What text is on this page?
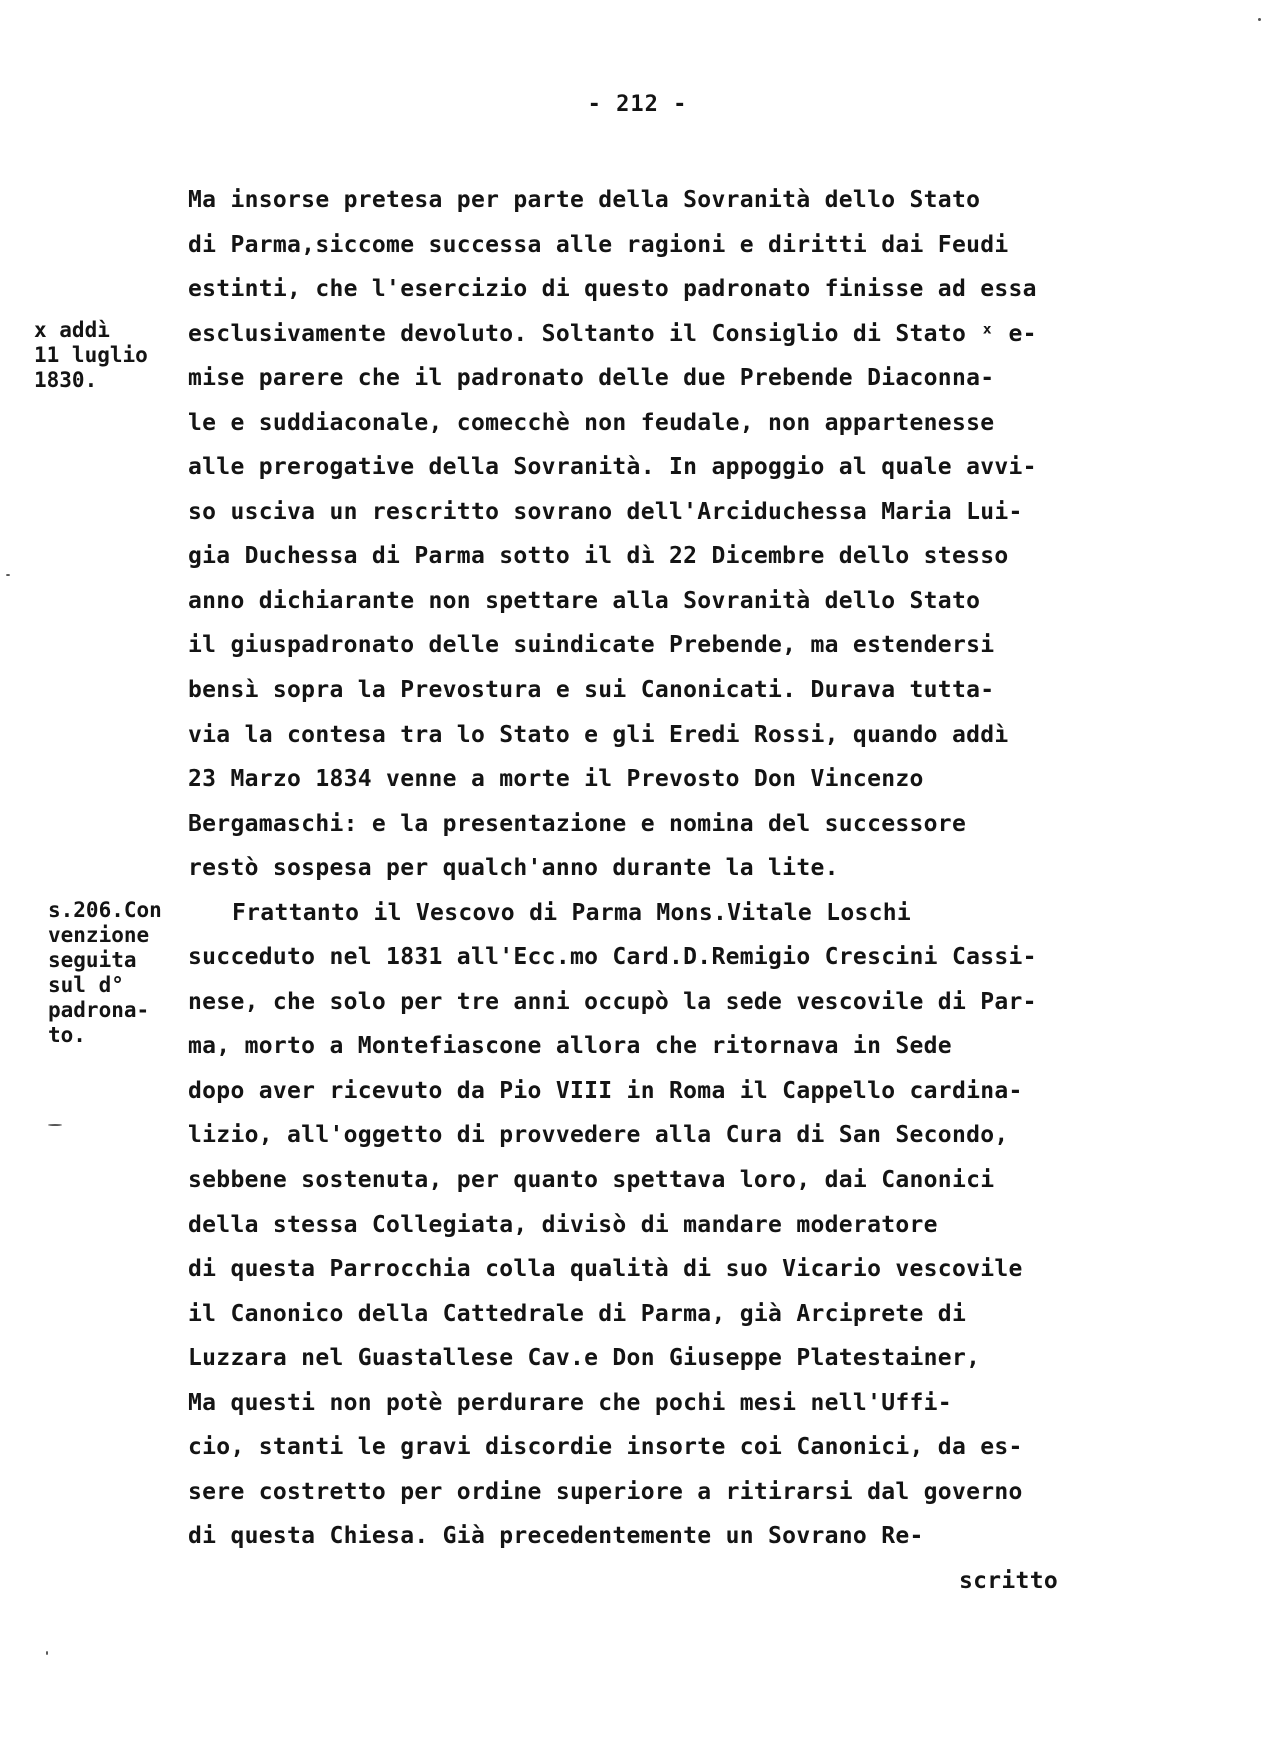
- 212 -
x addì
11 luglio
1830.
s.206.Con
venzione
seguita
sul d°
padrona-
to.
Ma insorse pretesa per parte della Sovranità dello Stato
di Parma,siccome successa alle ragioni e diritti dai Feudi
estinti, che l'esercizio di questo padronato finisse ad essa
esclusivamente devoluto. Soltanto il Consiglio di Stato ˣ e-
mise parere che il padronato delle due Prebende Diaconna-
le e suddiaconale, comecchè non feudale, non appartenesse
alle prerogative della Sovranità. In appoggio al quale avvi-
so usciva un rescritto sovrano dell'Arciduchessa Maria Lui-
gia Duchessa di Parma sotto il dì 22 Dicembre dello stesso
anno dichiarante non spettare alla Sovranità dello Stato
il giuspadronato delle suindicate Prebende, ma estendersi
bensì sopra la Prevostura e sui Canonicati. Durava tutta-
via la contesa tra lo Stato e gli Eredi Rossi, quando addì
23 Marzo 1834 venne a morte il Prevosto Don Vincenzo
Bergamaschi: e la presentazione e nomina del successore
restò sospesa per qualch'anno durante la lite.
Frattanto il Vescovo di Parma Mons.Vitale Loschi
succeduto nel 1831 all'Ecc.mo Card.D.Remigio Crescini Cassi-
nese, che solo per tre anni occupò la sede vescovile di Par-
ma, morto a Montefiascone allora che ritornava in Sede
dopo aver ricevuto da Pio VIII in Roma il Cappello cardina-
lizio, all'oggetto di provvedere alla Cura di San Secondo,
sebbene sostenuta, per quanto spettava loro, dai Canonici
della stessa Collegiata, divisò di mandare moderatore
di questa Parrocchia colla qualità di suo Vicario vescovile
il Canonico della Cattedrale di Parma, già Arciprete di
Luzzara nel Guastallese Cav.e Don Giuseppe Platestainer,
Ma questi non potè perdurare che pochi mesi nell'Uffi-
cio, stanti le gravi discordie insorte coi Canonici, da es-
sere costretto per ordine superiore a ritirarsi dal governo
di questa Chiesa. Già precedentemente un Sovrano Re-
scritto
